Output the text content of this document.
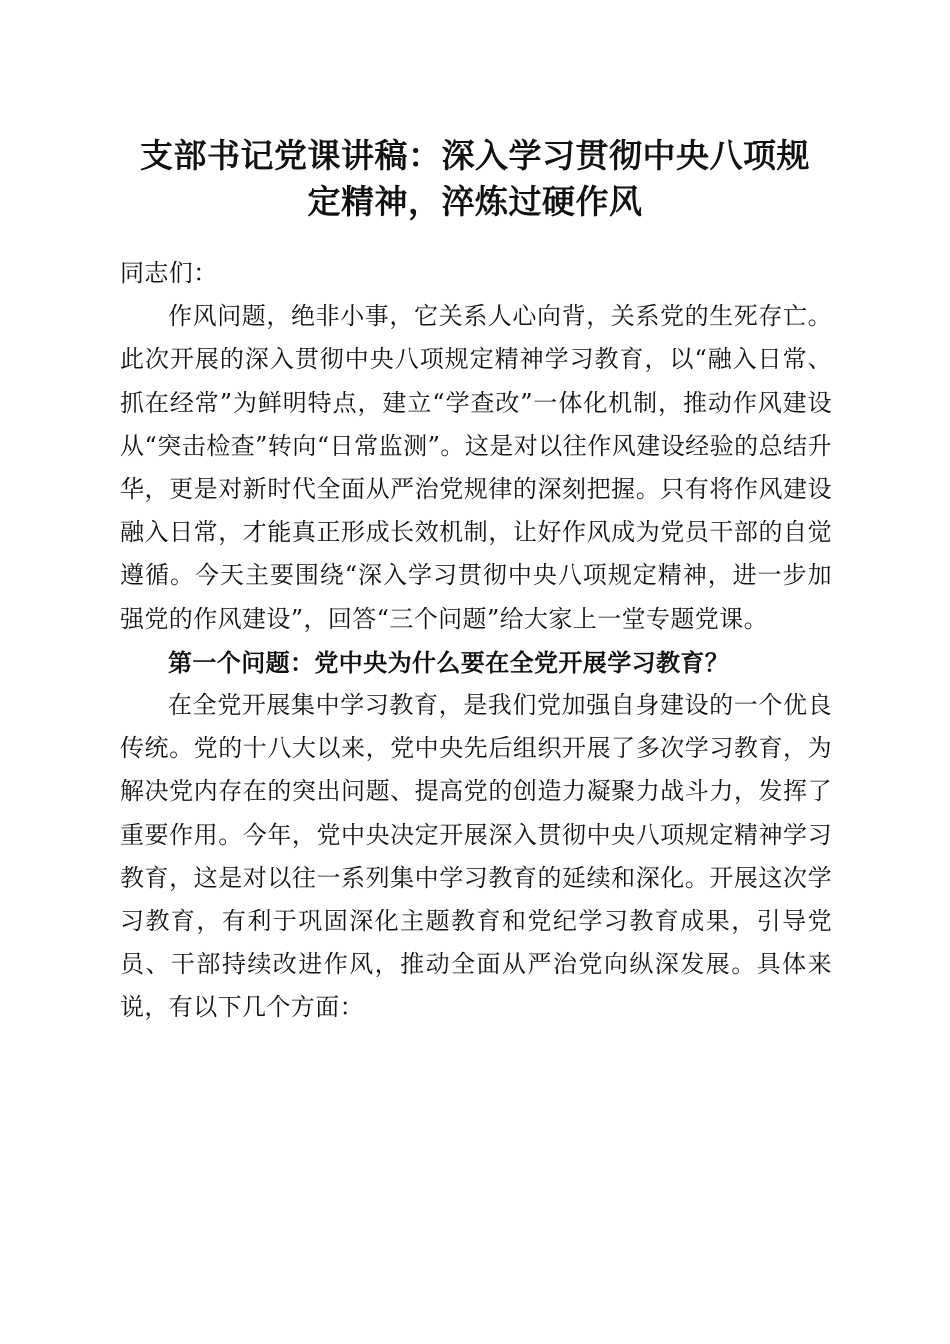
支部书记党课讲稿：深入学习贯彻中央八项规
定精神，淬炼过硬作风

同志们：

作风问题，绝非小事，它关系人心向背，关系党的生死存亡。此次开展的深入贯彻中央八项规定精神学习教育，以“融入日常、抓在经常”为鲜明特点，建立“学查改”一体化机制，推动作风建设从“突击检查”转向“日常监测”。这是对以往作风建设经验的总结升华，更是对新时代全面从严治党规律的深刻把握。只有将作风建设融入日常，才能真正形成长效机制，让好作风成为党员干部的自觉遵循。今天主要围绕“深入学习贯彻中央八项规定精神，进一步加强党的作风建设”，回答“三个问题”给大家上一堂专题党课。

第一个问题：党中央为什么要在全党开展学习教育？

在全党开展集中学习教育，是我们党加强自身建设的一个优良传统。党的十八大以来，党中央先后组织开展了多次学习教育，为解决党内存在的突出问题、提高党的创造力凝聚力战斗力，发挥了重要作用。今年，党中央决定开展深入贯彻中央八项规定精神学习教育，这是对以往一系列集中学习教育的延续和深化。开展这次学习教育，有利于巩固深化主题教育和党纪学习教育成果，引导党员、干部持续改进作风，推动全面从严治党向纵深发展。具体来说，有以下几个方面：
